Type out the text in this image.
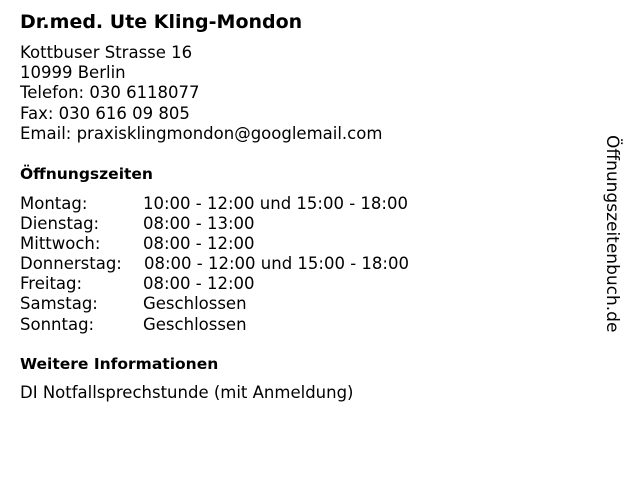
Dr.med. Ute Kling-Mondon
Kottbuser Strasse 16
10999 Berlin
Telefon: 030 6118077
Fax: 030 616 09 805
Email: praxisklingmondon@googlemail.com
Öffnungszeiten
Montag:	10:00 - 12:00 und 15:00 - 18:00
Dienstag:	08:00 - 13:00
Mittwoch:	08:00 - 12:00
Donnerstag: 08:00 - 12:00 und 15:00 - 18:00
Freitag:	08:00 - 12:00
Samstag:	Geschlossen
Sonntag:	Geschlossen
Weitere Informationen
DI Notfallsprechstunde (mit Anmeldung)
Öffnungszeitenbuch.de
